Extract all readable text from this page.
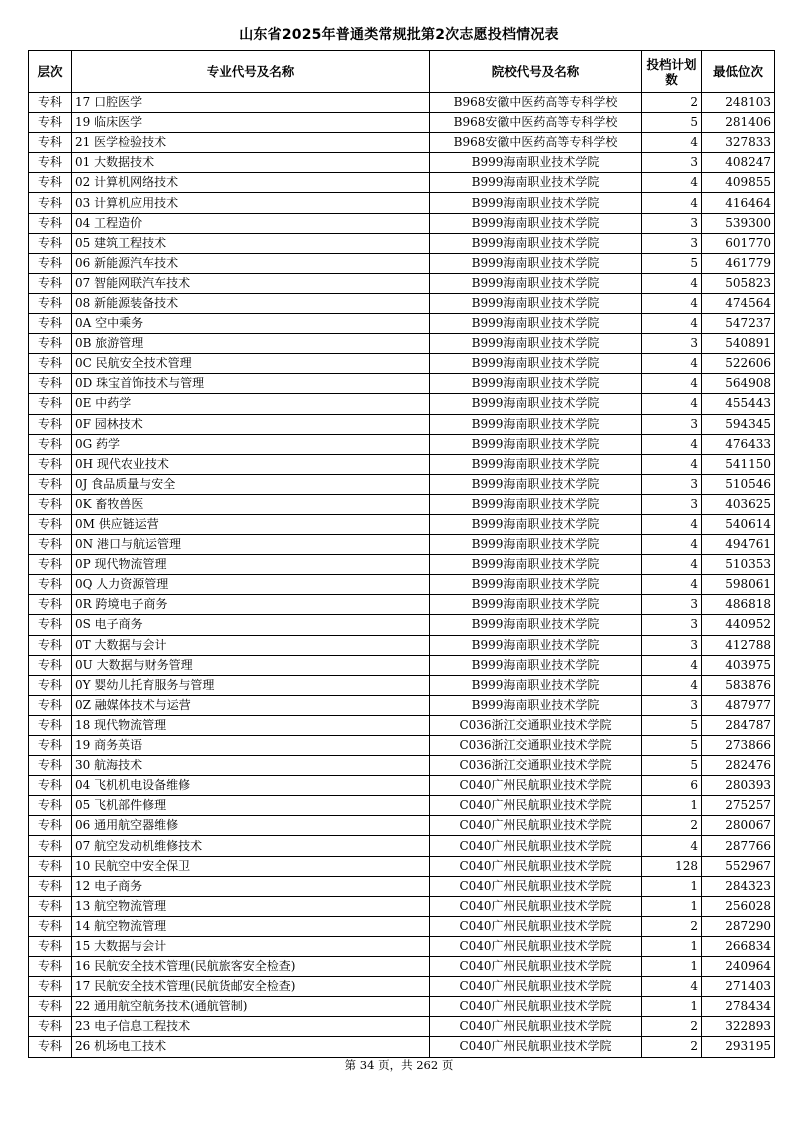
山东省2025年普通类常规批第2次志愿投档情况表
层次	专业代号及名称	院校代号及名称	投档计划数	最低位次
专科	17 口腔医学	B968安徽中医药高等专科学校	2	248103
专科	19 临床医学	B968安徽中医药高等专科学校	5	281406
专科	21 医学检验技术	B968安徽中医药高等专科学校	4	327833
专科	01 大数据技术	B999海南职业技术学院	3	408247
专科	02 计算机网络技术	B999海南职业技术学院	4	409855
专科	03 计算机应用技术	B999海南职业技术学院	4	416464
专科	04 工程造价	B999海南职业技术学院	3	539300
专科	05 建筑工程技术	B999海南职业技术学院	3	601770
专科	06 新能源汽车技术	B999海南职业技术学院	5	461779
专科	07 智能网联汽车技术	B999海南职业技术学院	4	505823
专科	08 新能源装备技术	B999海南职业技术学院	4	474564
专科	0A 空中乘务	B999海南职业技术学院	4	547237
专科	0B 旅游管理	B999海南职业技术学院	3	540891
专科	0C 民航安全技术管理	B999海南职业技术学院	4	522606
专科	0D 珠宝首饰技术与管理	B999海南职业技术学院	4	564908
专科	0E 中药学	B999海南职业技术学院	4	455443
专科	0F 园林技术	B999海南职业技术学院	3	594345
专科	0G 药学	B999海南职业技术学院	4	476433
专科	0H 现代农业技术	B999海南职业技术学院	4	541150
专科	0J 食品质量与安全	B999海南职业技术学院	3	510546
专科	0K 畜牧兽医	B999海南职业技术学院	3	403625
专科	0M 供应链运营	B999海南职业技术学院	4	540614
专科	0N 港口与航运管理	B999海南职业技术学院	4	494761
专科	0P 现代物流管理	B999海南职业技术学院	4	510353
专科	0Q 人力资源管理	B999海南职业技术学院	4	598061
专科	0R 跨境电子商务	B999海南职业技术学院	3	486818
专科	0S 电子商务	B999海南职业技术学院	3	440952
专科	0T 大数据与会计	B999海南职业技术学院	3	412788
专科	0U 大数据与财务管理	B999海南职业技术学院	4	403975
专科	0Y 婴幼儿托育服务与管理	B999海南职业技术学院	4	583876
专科	0Z 融媒体技术与运营	B999海南职业技术学院	3	487977
专科	18 现代物流管理	C036浙江交通职业技术学院	5	284787
专科	19 商务英语	C036浙江交通职业技术学院	5	273866
专科	30 航海技术	C036浙江交通职业技术学院	5	282476
专科	04 飞机机电设备维修	C040广州民航职业技术学院	6	280393
专科	05 飞机部件修理	C040广州民航职业技术学院	1	275257
专科	06 通用航空器维修	C040广州民航职业技术学院	2	280067
专科	07 航空发动机维修技术	C040广州民航职业技术学院	4	287766
专科	10 民航空中安全保卫	C040广州民航职业技术学院	128	552967
专科	12 电子商务	C040广州民航职业技术学院	1	284323
专科	13 航空物流管理	C040广州民航职业技术学院	1	256028
专科	14 航空物流管理	C040广州民航职业技术学院	2	287290
专科	15 大数据与会计	C040广州民航职业技术学院	1	266834
专科	16 民航安全技术管理(民航旅客安全检查)	C040广州民航职业技术学院	1	240964
专科	17 民航安全技术管理(民航货邮安全检查)	C040广州民航职业技术学院	4	271403
专科	22 通用航空航务技术(通航管制)	C040广州民航职业技术学院	1	278434
专科	23 电子信息工程技术	C040广州民航职业技术学院	2	322893
专科	26 机场电工技术	C040广州民航职业技术学院	2	293195
第 34 页，共 262 页
